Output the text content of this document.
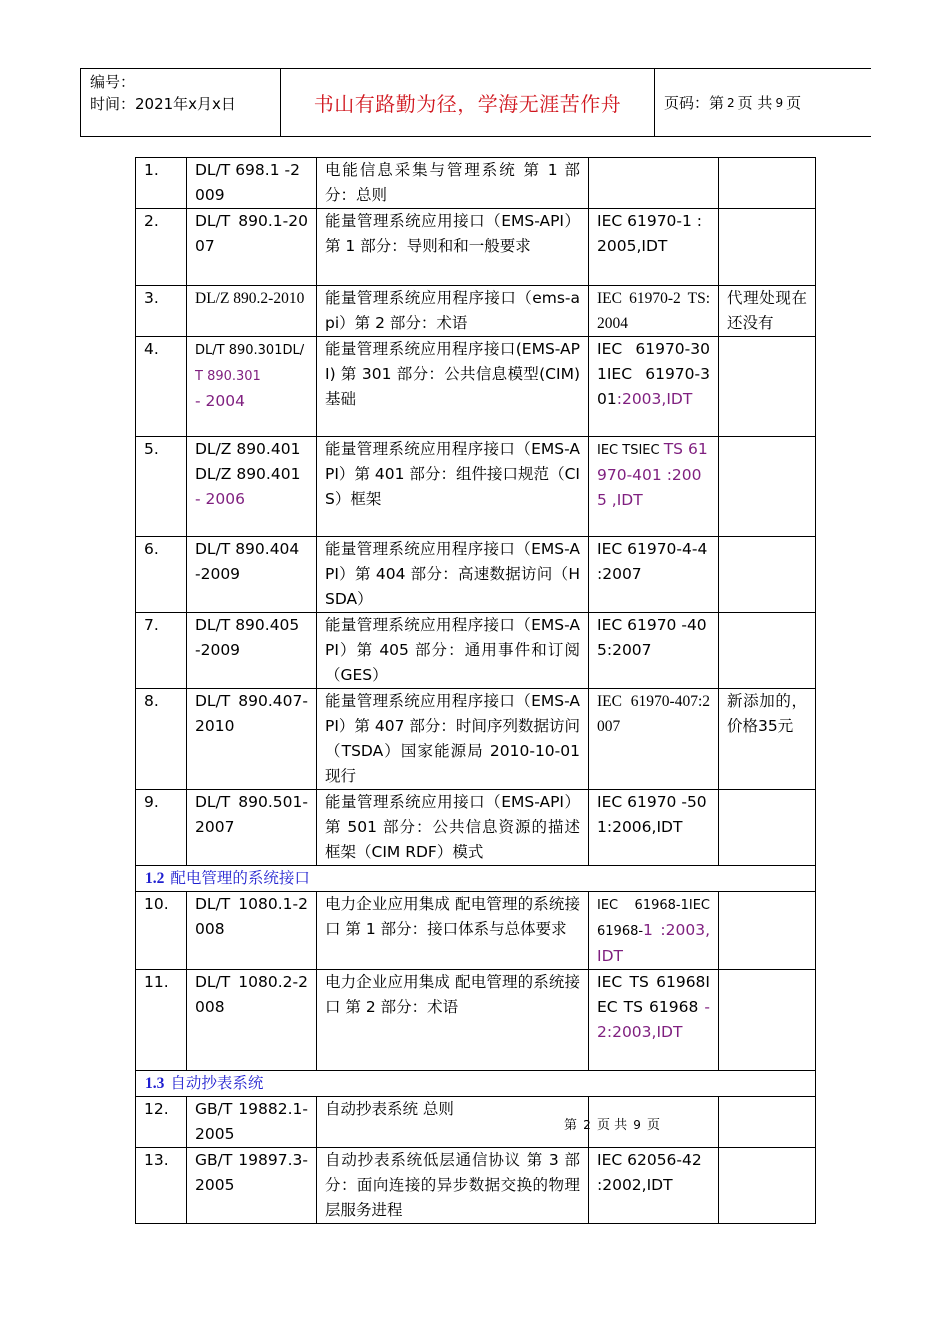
编号：
时间：2021年x月x日	书山有路勤为径，学海无涯苦作舟	页码：第 2 页 共 9 页
1.	DL/T 698.1 -2009	电能信息采集与管理系统 第 1 部分：总则		
2.	DL/T 890.1-2007	能量管理系统应用接口（EMS-API）第 1 部分：导则和和一般要求	IEC 61970-1 :2005,IDT	
3.	DL/Z 890.2-2010	能量管理系统应用程序接口（ems-api）第 2 部分：术语	IEC 61970-2 TS:2004	代理处现在还没有
4.	DL/T 890.301DL/T 890.301
- 2004	能量管理系统应用程序接口(EMS-API) 第 301 部分：公共信息模型(CIM)基础	IEC 61970-301IEC 61970-301:2003,IDT	
5.	DL/Z 890.401DL/Z 890.401
- 2006	能量管理系统应用程序接口（EMS-API）第 401 部分：组件接口规范（CIS）框架	IEC TSIEC TS 61970-401 :2005 ,IDT	
6.	DL/T 890.404 -2009	能量管理系统应用程序接口（EMS-API）第 404 部分：高速数据访问（HSDA）	IEC 61970-4-4 :2007	
7.	DL/T 890.405 -2009	能量管理系统应用程序接口（EMS-API）第 405 部分：通用事件和订阅（GES）	IEC 61970 -405:2007	
8.	DL/T 890.407-2010	能量管理系统应用程序接口（EMS-API）第 407 部分：时间序列数据访问（TSDA）国家能源局 2010-10-01 现行	IEC 61970-407:2007	新添加的，价格35元
9.	DL/T 890.501-2007	能量管理系统应用接口（EMS-API）第 501 部分：公共信息资源的描述框架（CIM RDF）模式	IEC 61970 -501:2006,IDT	
1.2 配电管理的系统接口				
10.	DL/T 1080.1-2008	电力企业应用集成 配电管理的系统接口 第 1 部分：接口体系与总体要求	IEC 61968-1IEC 61968-1 :2003,IDT	
11.	DL/T 1080.2-2008	电力企业应用集成 配电管理的系统接口 第 2 部分：术语	IEC TS 61968IEC TS 61968 -2:2003,IDT	
1.3 自动抄表系统				
12.	GB/T 19882.1-2005	自动抄表系统 总则		
13.	GB/T 19897.3-2005	自动抄表系统低层通信协议 第 3 部分：面向连接的异步数据交换的物理层服务进程	IEC 62056-42 :2002,IDT	
第 2 页 共 9 页
